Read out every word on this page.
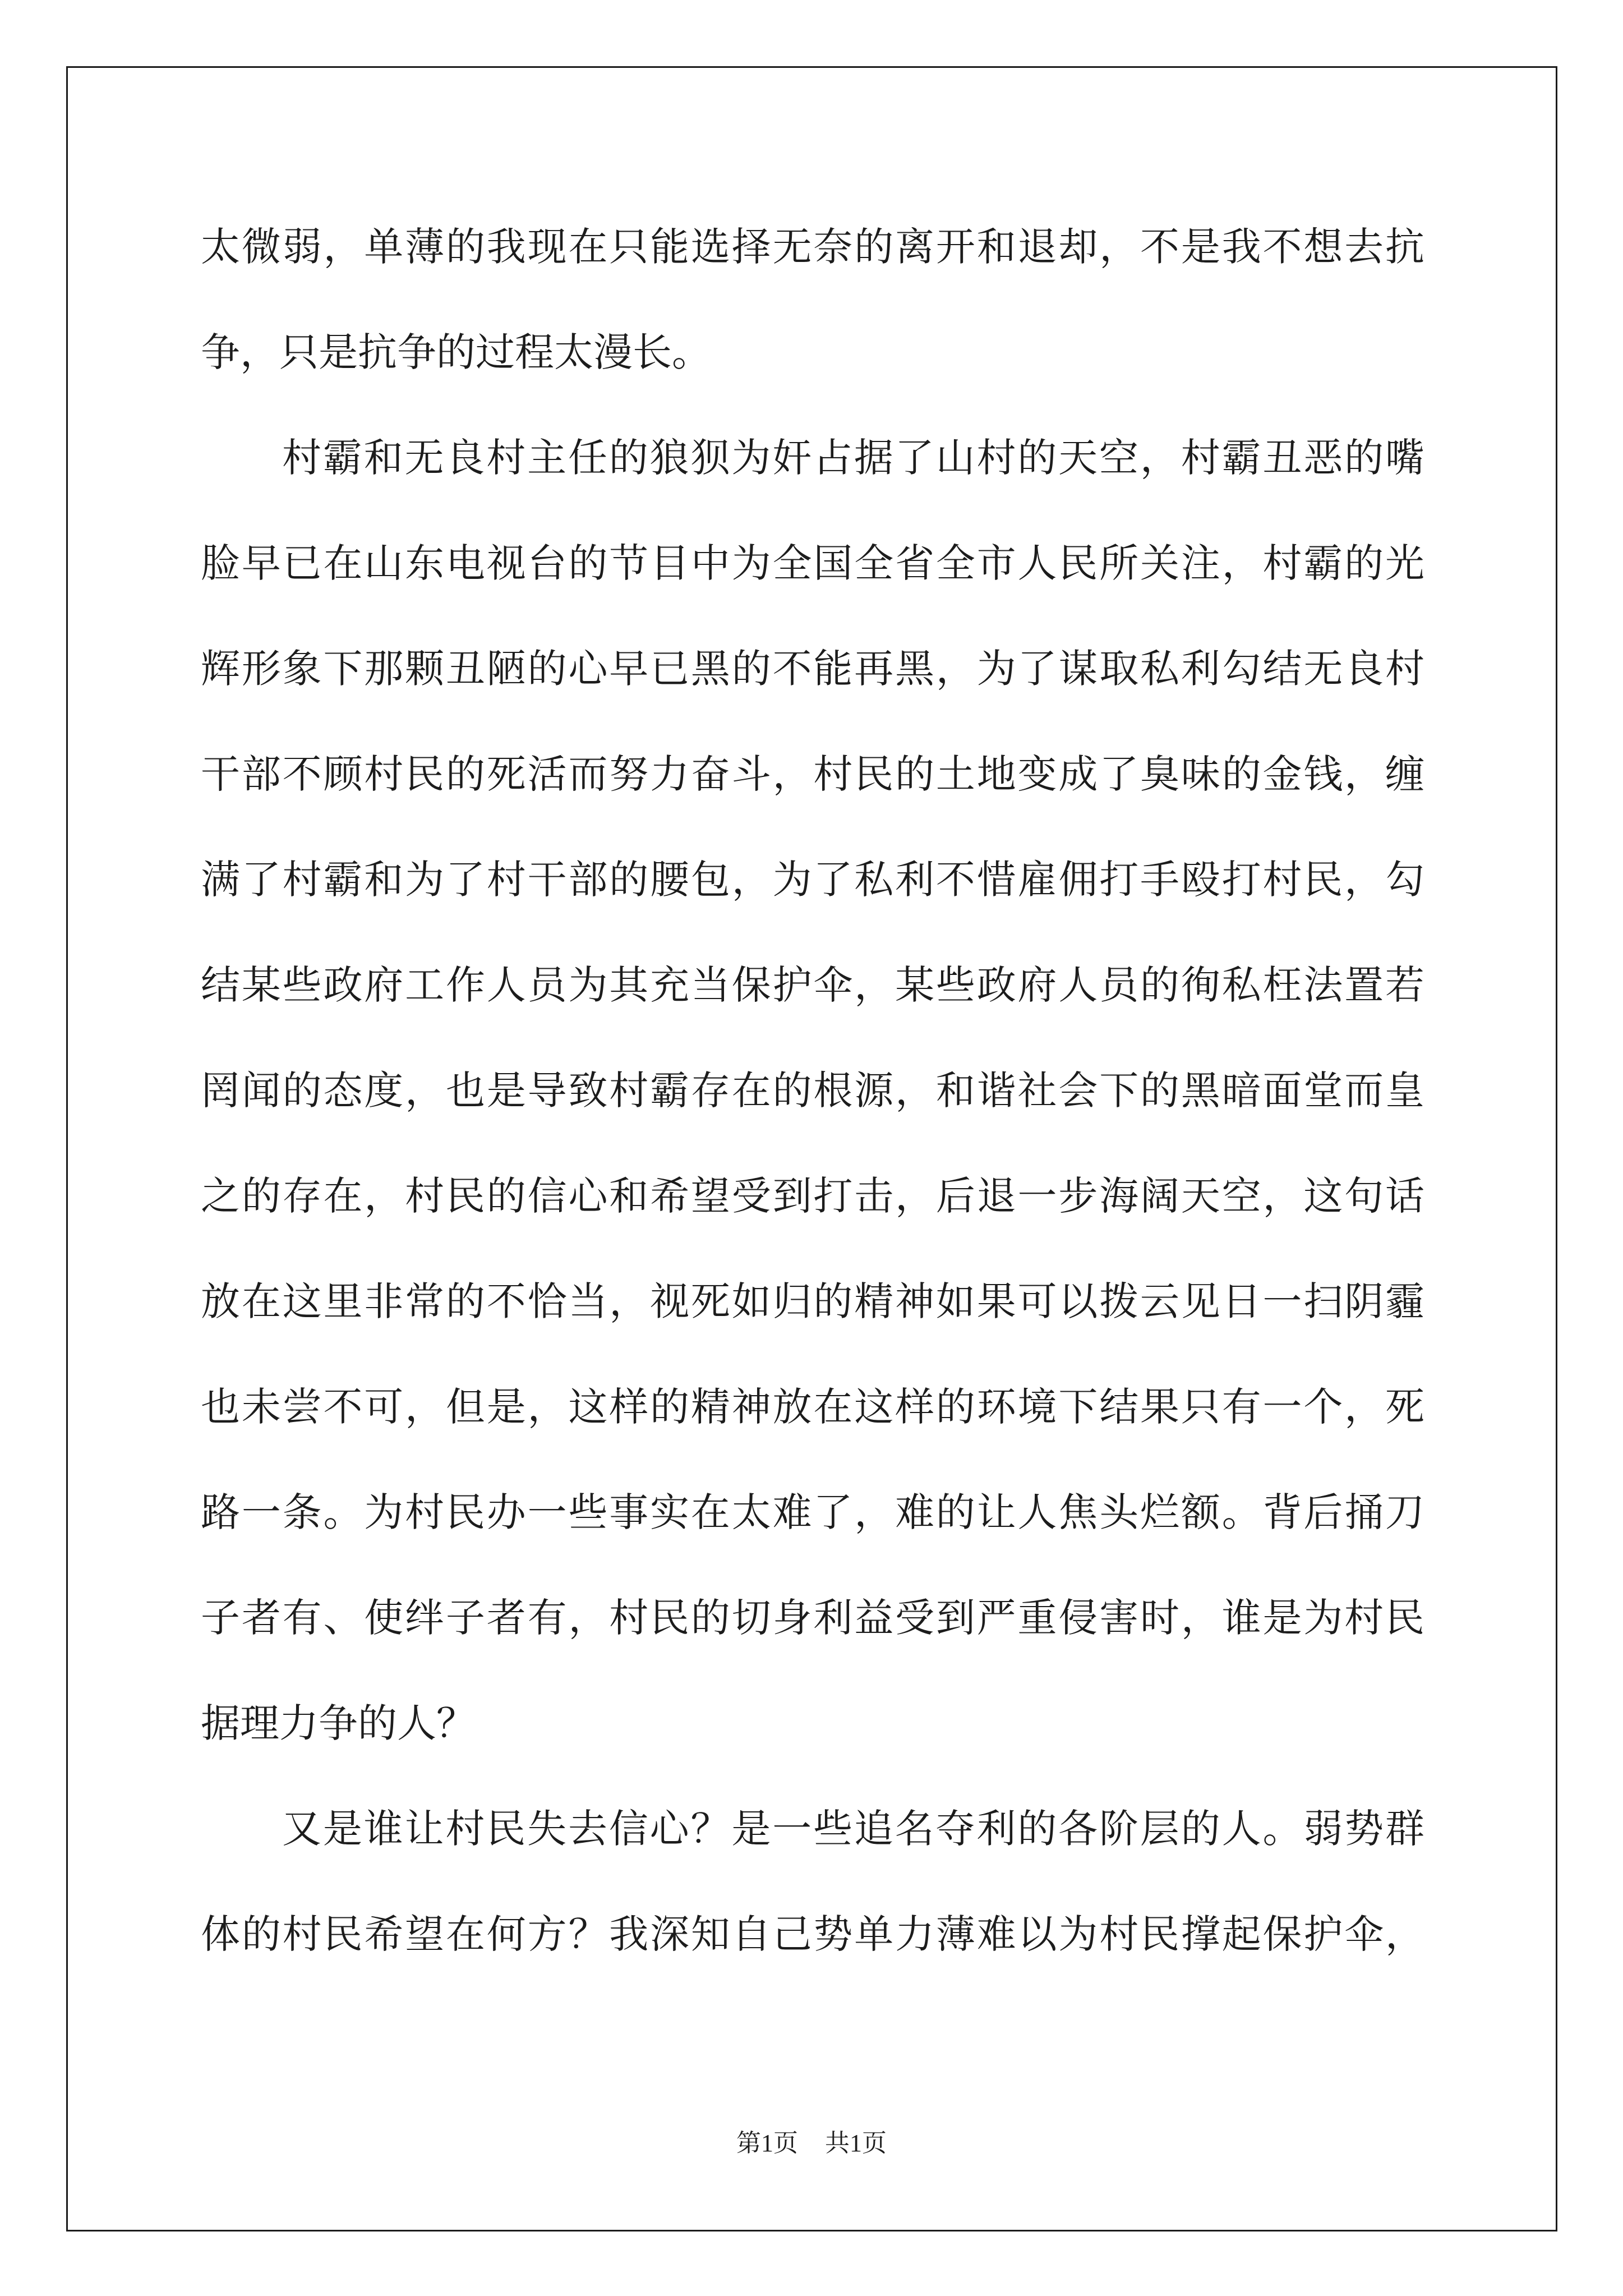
太微弱，单薄的我现在只能选择无奈的离开和退却，不是我不想去抗
争，只是抗争的过程太漫长。
村霸和无良村主任的狼狈为奸占据了山村的天空，村霸丑恶的嘴
脸早已在山东电视台的节目中为全国全省全市人民所关注，村霸的光
辉形象下那颗丑陋的心早已黑的不能再黑，为了谋取私利勾结无良村
干部不顾村民的死活而努力奋斗，村民的土地变成了臭味的金钱，缠
满了村霸和为了村干部的腰包，为了私利不惜雇佣打手殴打村民，勾
结某些政府工作人员为其充当保护伞，某些政府人员的徇私枉法置若
罔闻的态度，也是导致村霸存在的根源，和谐社会下的黑暗面堂而皇
之的存在，村民的信心和希望受到打击，后退一步海阔天空，这句话
放在这里非常的不恰当，视死如归的精神如果可以拨云见日一扫阴霾
也未尝不可，但是，这样的精神放在这样的环境下结果只有一个，死
路一条。为村民办一些事实在太难了，难的让人焦头烂额。背后捅刀
子者有、使绊子者有，村民的切身利益受到严重侵害时，谁是为村民
据理力争的人？
又是谁让村民失去信心？是一些追名夺利的各阶层的人。弱势群
体的村民希望在何方？我深知自己势单力薄难以为村民撑起保护伞，
第1页 共1页
